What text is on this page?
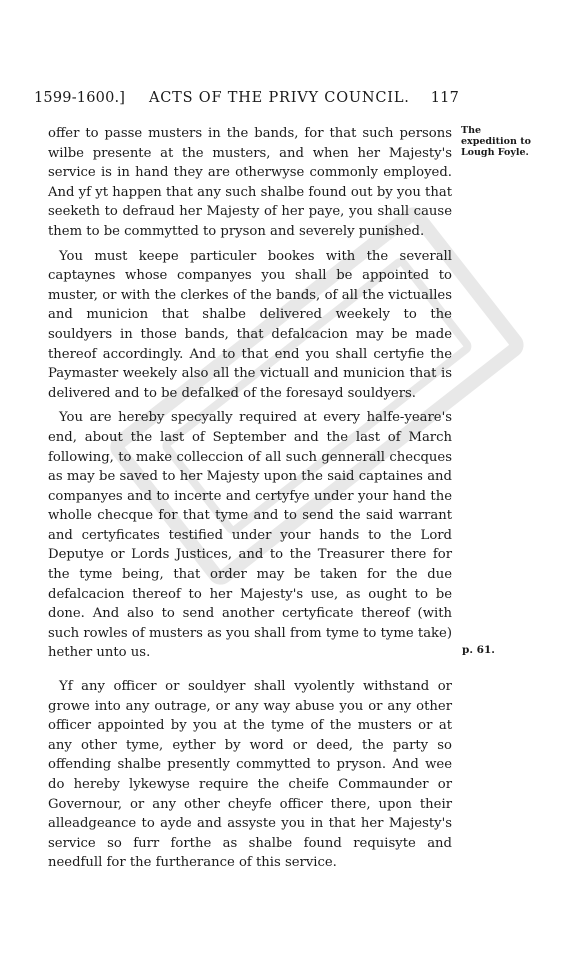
1599-1600.] ACTS OF THE PRIVY COUNCIL. 117
The expedition to Lough Foyle.
p. 61.

offer to passe musters in the bands, for that such persons wilbe presente at the musters, and when her Majesty's service is in hand they are otherwyse commonly employed. And yf yt happen that any such shalbe found out by you that seeketh to defraud her Majesty of her paye, you shall cause them to be commytted to pryson and severely punished.

You must keepe particuler bookes with the severall captaynes whose companyes you shall be appointed to muster, or with the clerkes of the bands, of all the victualles and municion that shalbe delivered weekely to the souldyers in those bands, that defalcacion may be made thereof accordingly. And to that end you shall certyfie the Paymaster weekely also all the victuall and municion that is delivered and to be defalked of the foresayd souldyers.

You are hereby specyally required at every halfe-yeare's end, about the last of September and the last of March following, to make colleccion of all such gennerall checques as may be saved to her Majesty upon the said captaines and companyes and to incerte and certyfye under your hand the wholle checque for that tyme and to send the said warrant and certyficates testified under your hands to the Lord Deputye or Lords Justices, and to the Treasurer there for the tyme being, that order may be taken for the due defalcacion thereof to her Majesty's use, as ought to be done. And also to send another certyficate thereof (with such rowles of musters as you shall from tyme to tyme take) hether unto us.

Yf any officer or souldyer shall vyolently withstand or growe into any outrage, or any way abuse you or any other officer appointed by you at the tyme of the musters or at any other tyme, eyther by word or deed, the party so offending shalbe presently commytted to pryson. And wee do hereby lykewyse require the cheife Commaunder or Governour, or any other cheyfe officer there, upon their alleadgeance to ayde and assyste you in that her Majesty's service so furr forthe as shalbe found requisyte and needfull for the furtherance of this service.
